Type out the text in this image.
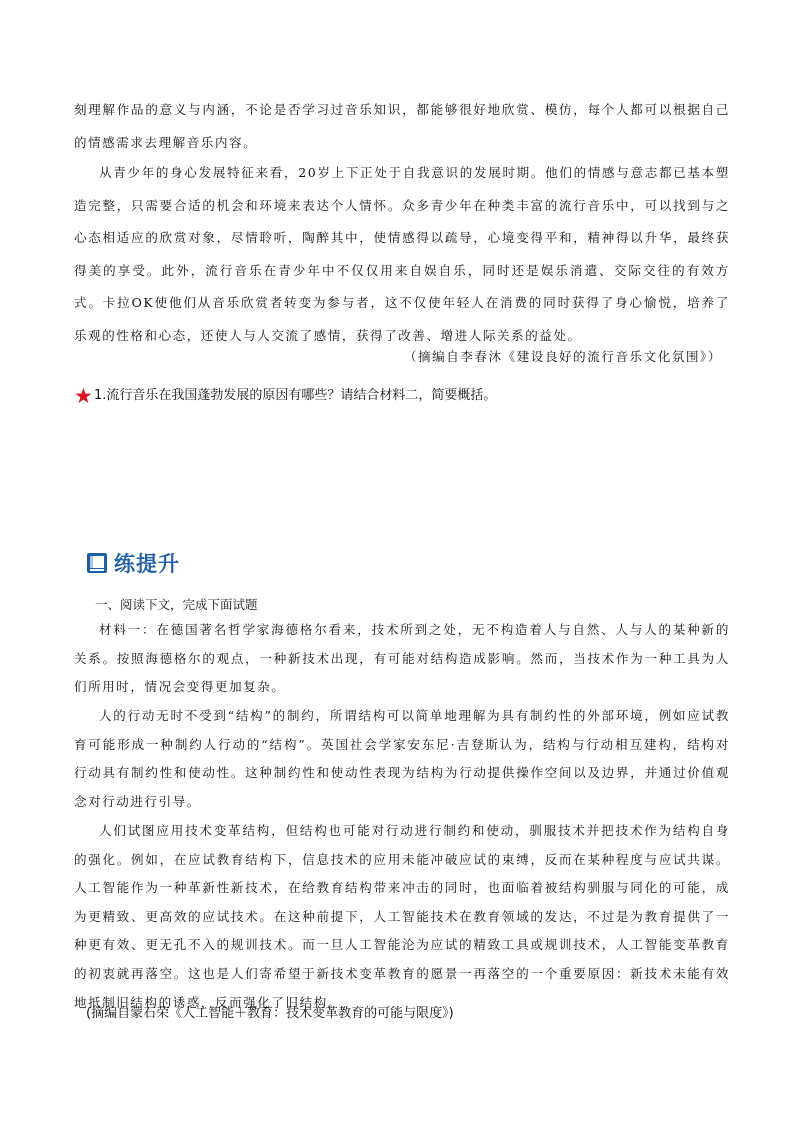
刻理解作品的意义与内涵，不论是否学习过音乐知识，都能够很好地欣赏、模仿，每个人都可以根据自己的情感需求去理解音乐内容。

从青少年的身心发展特征来看，20岁上下正处于自我意识的发展时期。他们的情感与意志都已基本塑造完整，只需要合适的机会和环境来表达个人情怀。众多青少年在种类丰富的流行音乐中，可以找到与之心态相适应的欣赏对象，尽情聆听，陶醉其中，使情感得以疏导，心境变得平和，精神得以升华，最终获得美的享受。此外，流行音乐在青少年中不仅仅用来自娱自乐，同时还是娱乐消遣、交际交往的有效方式。卡拉OK使他们从音乐欣赏者转变为参与者，这不仅使年轻人在消费的同时获得了身心愉悦，培养了乐观的性格和心态，还使人与人交流了感情，获得了改善、增进人际关系的益处。

（摘编自李春沐《建设良好的流行音乐文化氛围》）
★ 1.流行音乐在我国蓬勃发展的原因有哪些？请结合材料二，简要概括。
练提升
一、阅读下文，完成下面试题

材料一：在德国著名哲学家海德格尔看来，技术所到之处，无不构造着人与自然、人与人的某种新的关系。按照海德格尔的观点，一种新技术出现，有可能对结构造成影响。然而，当技术作为一种工具为人们所用时，情况会变得更加复杂。

人的行动无时不受到“结构”的制约，所谓结构可以简单地理解为具有制约性的外部环境，例如应试教育可能形成一种制约人行动的“结构”。英国社会学家安东尼·吉登斯认为，结构与行动相互建构，结构对行动具有制约性和使动性。这种制约性和使动性表现为结构为行动提供操作空间以及边界，并通过价值观念对行动进行引导。

人们试图应用技术变革结构，但结构也可能对行动进行制约和使动，驯服技术并把技术作为结构自身的强化。例如，在应试教育结构下，信息技术的应用未能冲破应试的束缚，反而在某种程度与应试共谋。人工智能作为一种革新性新技术，在给教育结构带来冲击的同时，也面临着被结构驯服与同化的可能，成为更精致、更高效的应试技术。在这种前提下，人工智能技术在教育领域的发达，不过是为教育提供了一种更有效、更无孔不入的规训技术。而一旦人工智能沦为应试的精致工具或规训技术，人工智能变革教育的初衷就再落空。这也是人们寄希望于新技术变革教育的愿景一再落空的一个重要原因：新技术未能有效地抵制旧结构的诱惑，反而强化了旧结构。

(摘编自蒙石荣《人工智能＋教育：技术变革教育的可能与限度》)
